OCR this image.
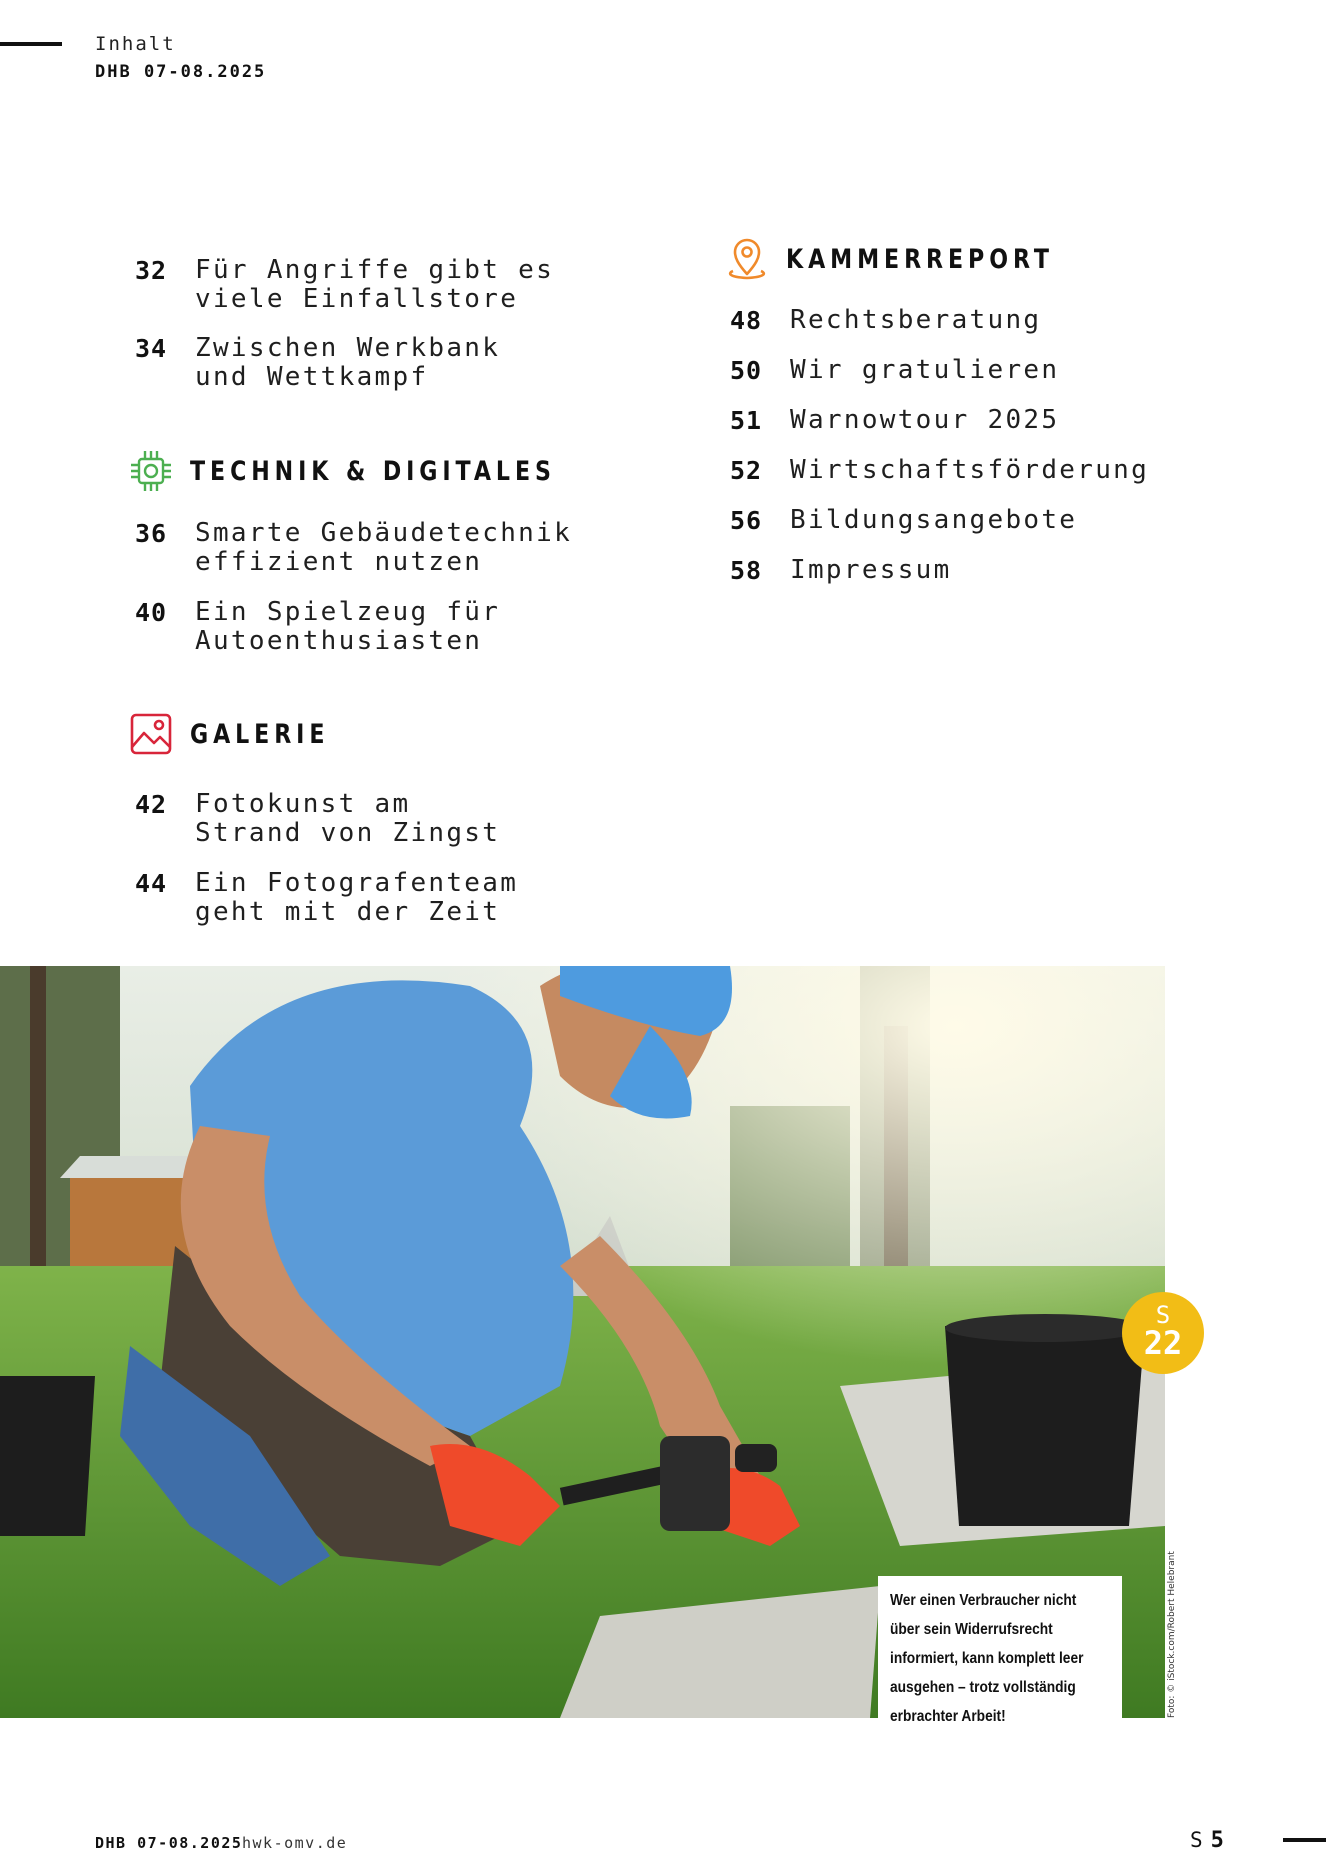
Inhalt
DHB 07-08.2025
32	Für Angriffe gibt es
viele Einfallstore
34	Zwischen Werkbank
und Wettkampf
TECHNIK & DIGITALES
36	Smarte Gebäudetechnik
effizient nutzen
40	Ein Spielzeug für
Autoenthusiasten
GALERIE
42	Fotokunst am
Strand von Zingst
44	Ein Fotografenteam
geht mit der Zeit
KAMMERREPORT
48	Rechtsberatung
50	Wir gratulieren
51	Warnowtour 2025
52	Wirtschaftsförderung
56	Bildungsangebote
58	Impressum
S
22
Wer einen Verbraucher nicht
über sein Widerrufsrecht
informiert, kann komplett leer
ausgehen – trotz vollständig
erbrachter Arbeit!	Foto: © iStock.com/Robert Helebrant
DHB 07-08.2025 hwk-omv.de	S 5
